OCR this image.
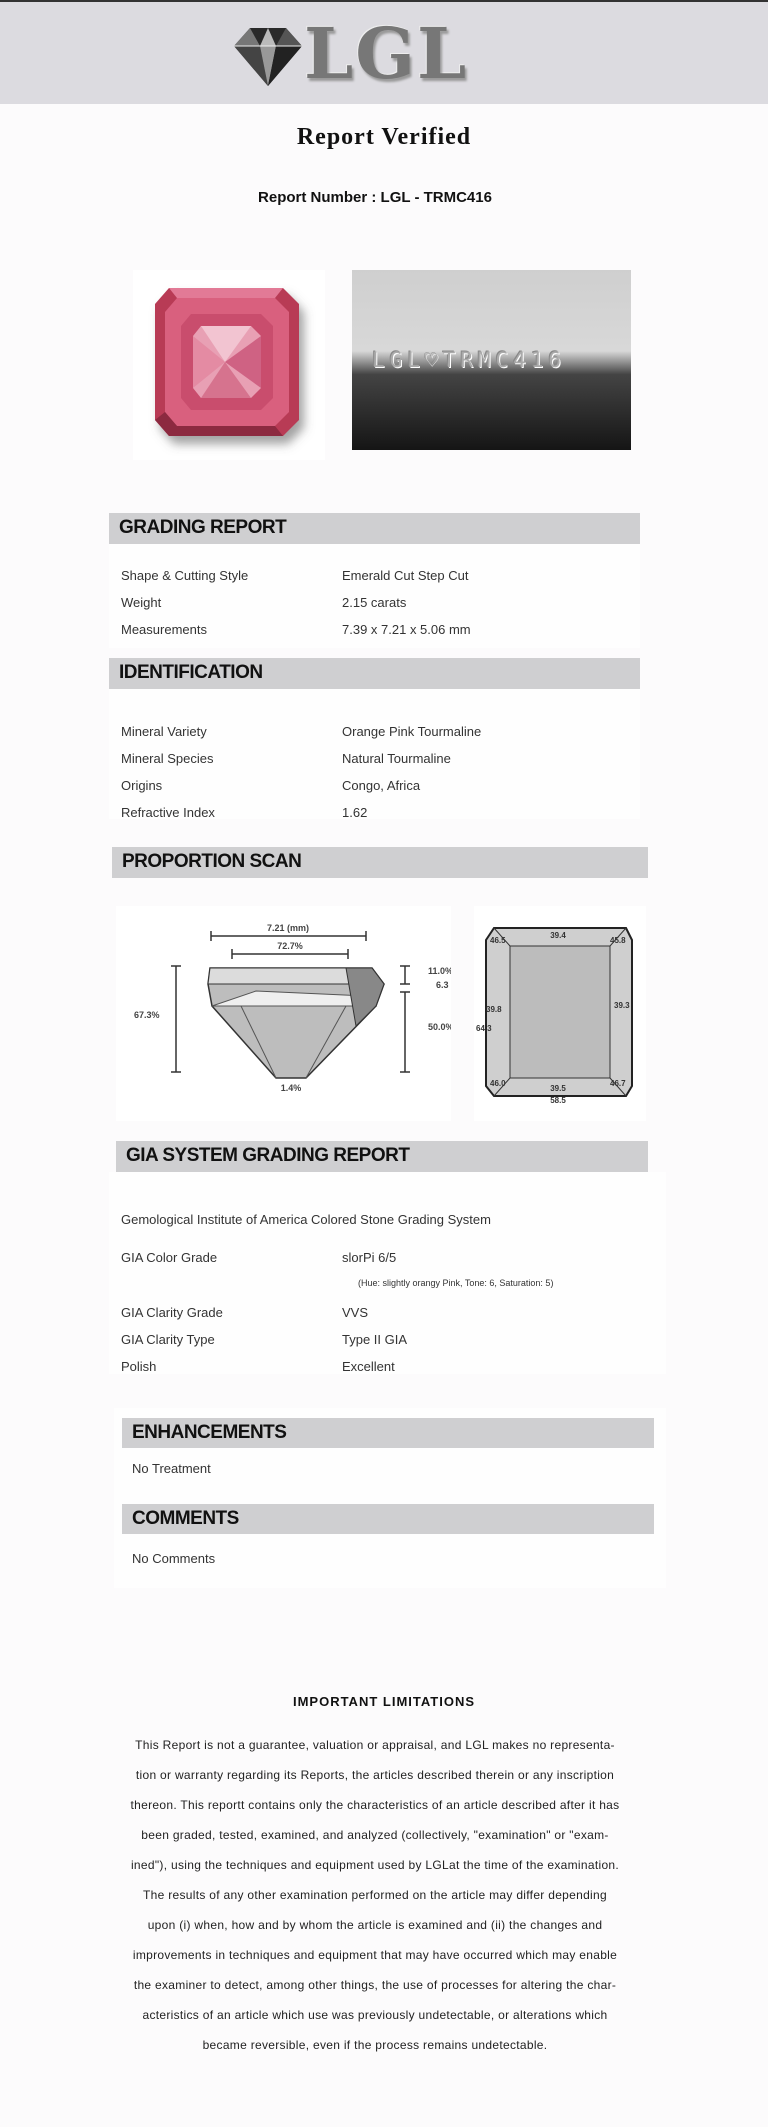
LGL
Report Verified
Report Number : LGL - TRMC416
LGL♡TRMC416
GRADING REPORT
Shape & Cutting Style	Emerald Cut Step Cut
Weight	2.15 carats
Measurements	7.39 x 7.21 x 5.06 mm
IDENTIFICATION
Mineral Variety	Orange Pink Tourmaline
Mineral Species	Natural Tourmaline
Origins	Congo, Africa
Refractive Index	1.62
PROPORTION SCAN
7.21 (mm)
72.7%
67.3%
11.0%
6.3
50.0%
1.4%
39.4
46.5	45.8
39.8
64.3
39.3
39.5
58.5
46.0	46.7
GIA SYSTEM GRADING REPORT
Gemological Institute of America Colored Stone Grading System
GIA Color Grade	slorPi 6/5
(Hue: slightly orangy Pink, Tone: 6, Saturation: 5)
GIA Clarity Grade	VVS
GIA Clarity Type	Type II GIA
Polish	Excellent
ENHANCEMENTS
No Treatment
COMMENTS
No Comments
IMPORTANT LIMITATIONS
This Report is not a guarantee, valuation or appraisal, and LGL makes no representa-
tion or warranty regarding its Reports, the articles described therein or any inscription
thereon. This reportt contains only the characteristics of an article described after it has
been graded, tested, examined, and analyzed (collectively, "examination" or "exam-
ined"), using the techniques and equipment used by LGLat the time of the examination.
The results of any other examination performed on the article may differ depending
upon (i) when, how and by whom the article is examined and (ii) the changes and
improvements in techniques and equipment that may have occurred which may enable
the examiner to detect, among other things, the use of processes for altering the char-
acteristics of an article which use was previously undetectable, or alterations which
became reversible, even if the process remains undetectable.
